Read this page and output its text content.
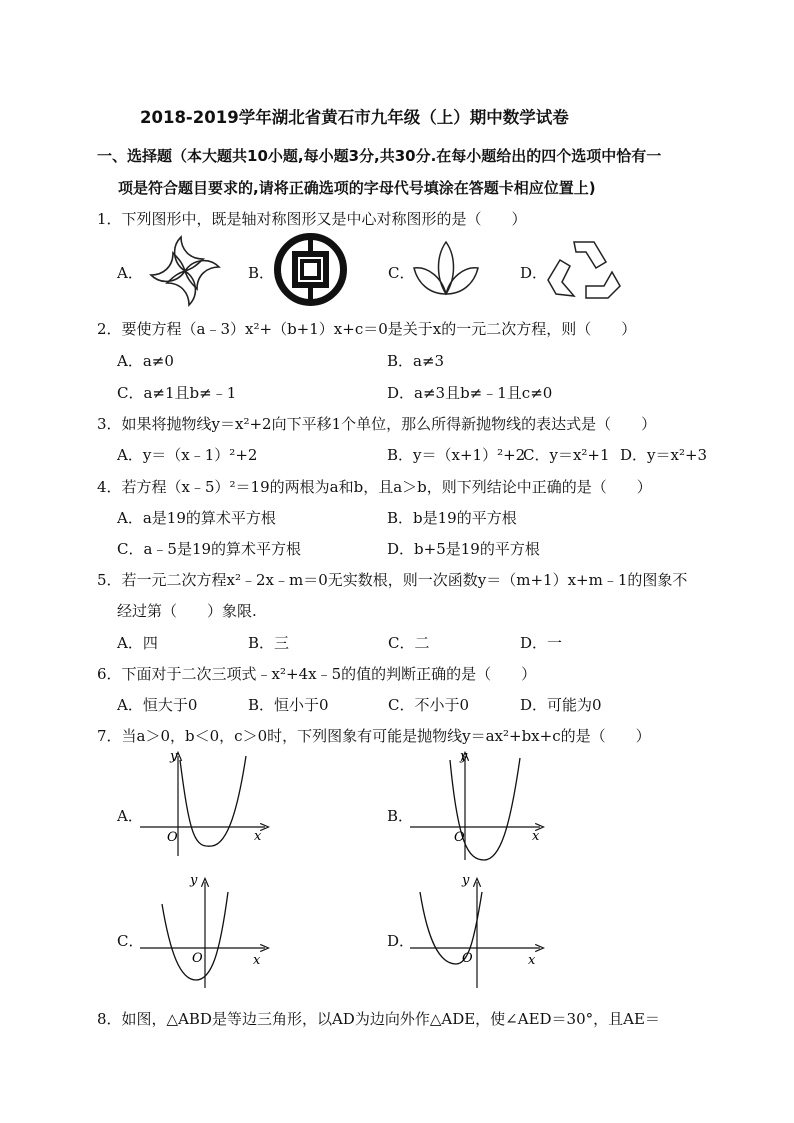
2018-2019学年湖北省黄石市九年级（上）期中数学试卷
一、选择题（本大题共10小题,每小题3分,共30分.在每小题给出的四个选项中恰有一
项是符合题目要求的,请将正确选项的字母代号填涂在答题卡相应位置上)
1．下列图形中，既是轴对称图形又是中心对称图形的是（　　）
A．	B．	C．	D．
2．要使方程（a﹣3）x²+（b+1）x+c＝0是关于x的一元二次方程，则（　　）
A．a≠0	B．a≠3
C．a≠1且b≠﹣1	D．a≠3且b≠﹣1且c≠0
3．如果将抛物线y＝x²+2向下平移1个单位，那么所得新抛物线的表达式是（　　）
A．y＝（x﹣1）²+2	B．y＝（x+1）²+2
C．y＝x²+1 D．y＝x²+3
4．若方程（x﹣5）²＝19的两根为a和b，且a＞b，则下列结论中正确的是（　　）
A．a是19的算术平方根	B．b是19的平方根
C．a﹣5是19的算术平方根	D．b+5是19的平方根
5．若一元二次方程x²﹣2x﹣m＝0无实数根，则一次函数y＝（m+1）x+m﹣1的图象不
经过第（　　）象限.
A．四	B．三	C．二	D．一
6．下面对于二次三项式﹣x²+4x﹣5的值的判断正确的是（　　）
A．恒大于0	B．恒小于0	C．不小于0	D．可能为0
7．当a＞0，b＜0，c＞0时，下列图象有可能是抛物线y＝ax²+bx+c的是（　　）
A．	B．
C．	D．
y
x
O
y
x
O
y
x
O
y
x
O
8．如图，△ABD是等边三角形，以AD为边向外作△ADE，使∠AED＝30°，且AE＝
